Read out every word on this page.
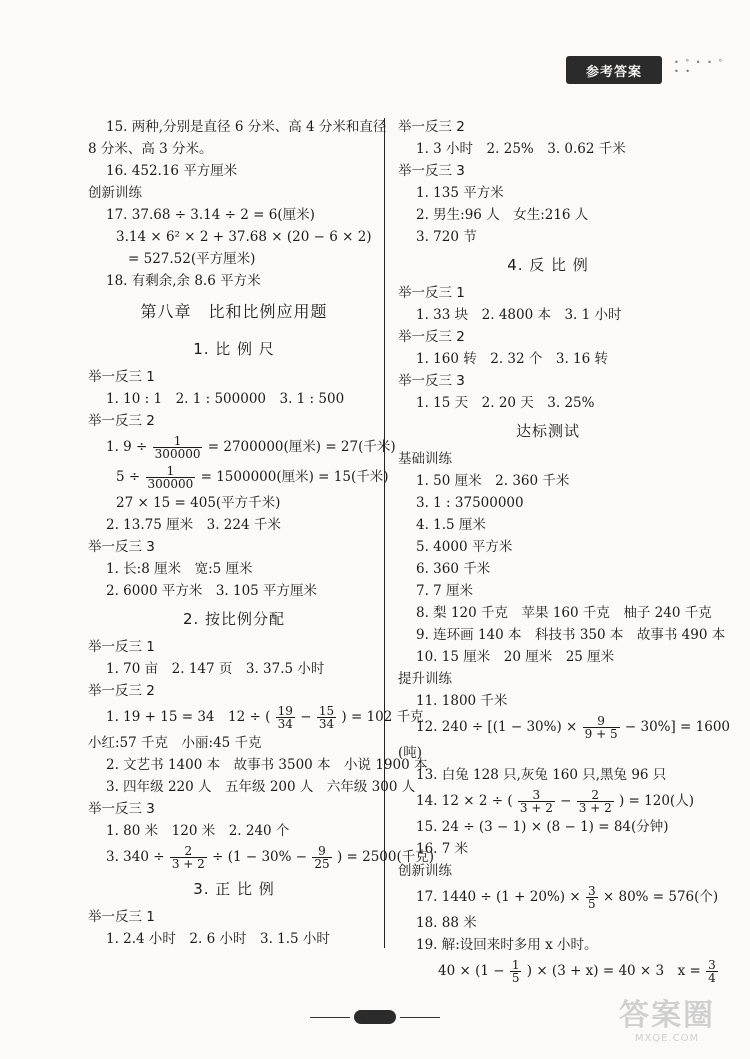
参考答案
• ° • • ° • •
15. 两种,分别是直径 6 分米、高 4 分米和直径
8 分米、高 3 分米。
16. 452.16 平方厘米
创新训练
17. 37.68 ÷ 3.14 ÷ 2 = 6(厘米)
3.14 × 6² × 2 + 37.68 × (20 − 6 × 2)
= 527.52(平方厘米)
18. 有剩余,余 8.6 平方米
第八章　比和比例应用题
1. 比 例 尺
举一反三 1
1. 10 : 1　2. 1 : 500000　3. 1 : 500
举一反三 2
1. $9 \div \frac{1}{300000} = 2700000$(厘米) = 27(千米)
$5 \div \frac{1}{300000} = 1500000$(厘米) = 15(千米)
27 × 15 = 405(平方千米)
2. 13.75 厘米　3. 224 千米
举一反三 3
1. 长:8 厘米　宽:5 厘米
2. 6000 平方米　3. 105 平方厘米
2. 按比例分配
举一反三 1
1. 70 亩　2. 147 页　3. 37.5 小时
举一反三 2
1. 19 + 15 = 34　12 ÷ ( $\frac{19}{34} - \frac{15}{34}$ ) = 102 千克
小红:57 千克　小丽:45 千克
2. 文艺书 1400 本　故事书 3500 本　小说 1900 本
3. 四年级 220 人　五年级 200 人　六年级 300 人
举一反三 3
1. 80 米　120 米　2. 240 个
3. $340 \div \frac{2}{3 + 2} \div (1 - 30\% - \frac{9}{25}$ ) = 2500(千克)
3. 正 比 例
举一反三 1
1. 2.4 小时　2. 6 小时　3. 1.5 小时
举一反三 2
1. 3 小时　2. 25%　3. 0.62 千米
举一反三 3
1. 135 平方米
2. 男生:96 人　女生:216 人
3. 720 节
4. 反 比 例
举一反三 1
1. 33 块　2. 4800 本　3. 1 小时
举一反三 2
1. 160 转　2. 32 个　3. 16 转
举一反三 3
1. 15 天　2. 20 天　3. 25%
达标测试
基础训练
1. 50 厘米　2. 360 千米
3. 1 : 37500000
4. 1.5 厘米
5. 4000 平方米
6. 360 千米
7. 7 厘米
8. 梨 120 千克　苹果 160 千克　柚子 240 千克
9. 连环画 140 本　科技书 350 本　故事书 490 本
10. 15 厘米　20 厘米　25 厘米
提升训练
11. 1800 千米
12. $240 \div [(1 - 30\%) \times \frac{9}{9 + 5} - 30\%] = 1600$
(吨)
13. 白兔 128 只,灰兔 160 只,黑兔 96 只
14. 12 × 2 ÷ ( $\frac{3}{3 + 2} - \frac{2}{3 + 2}$ ) = 120(人)
15. 24 ÷ (3 − 1) × (8 − 1) = 84(分钟)
16. 7 米
创新训练
17. $1440 \div (1 + 20\%) \times \frac{3}{5} \times 80\% = 576$(个)
18. 88 米
19. 解:设回来时多用 x 小时。
$40 \times (1 - \frac{1}{5}$ ) × (3 + x) = 40 × 3　$x = \frac{3}{4}$
答案圈
MXQE.COM
